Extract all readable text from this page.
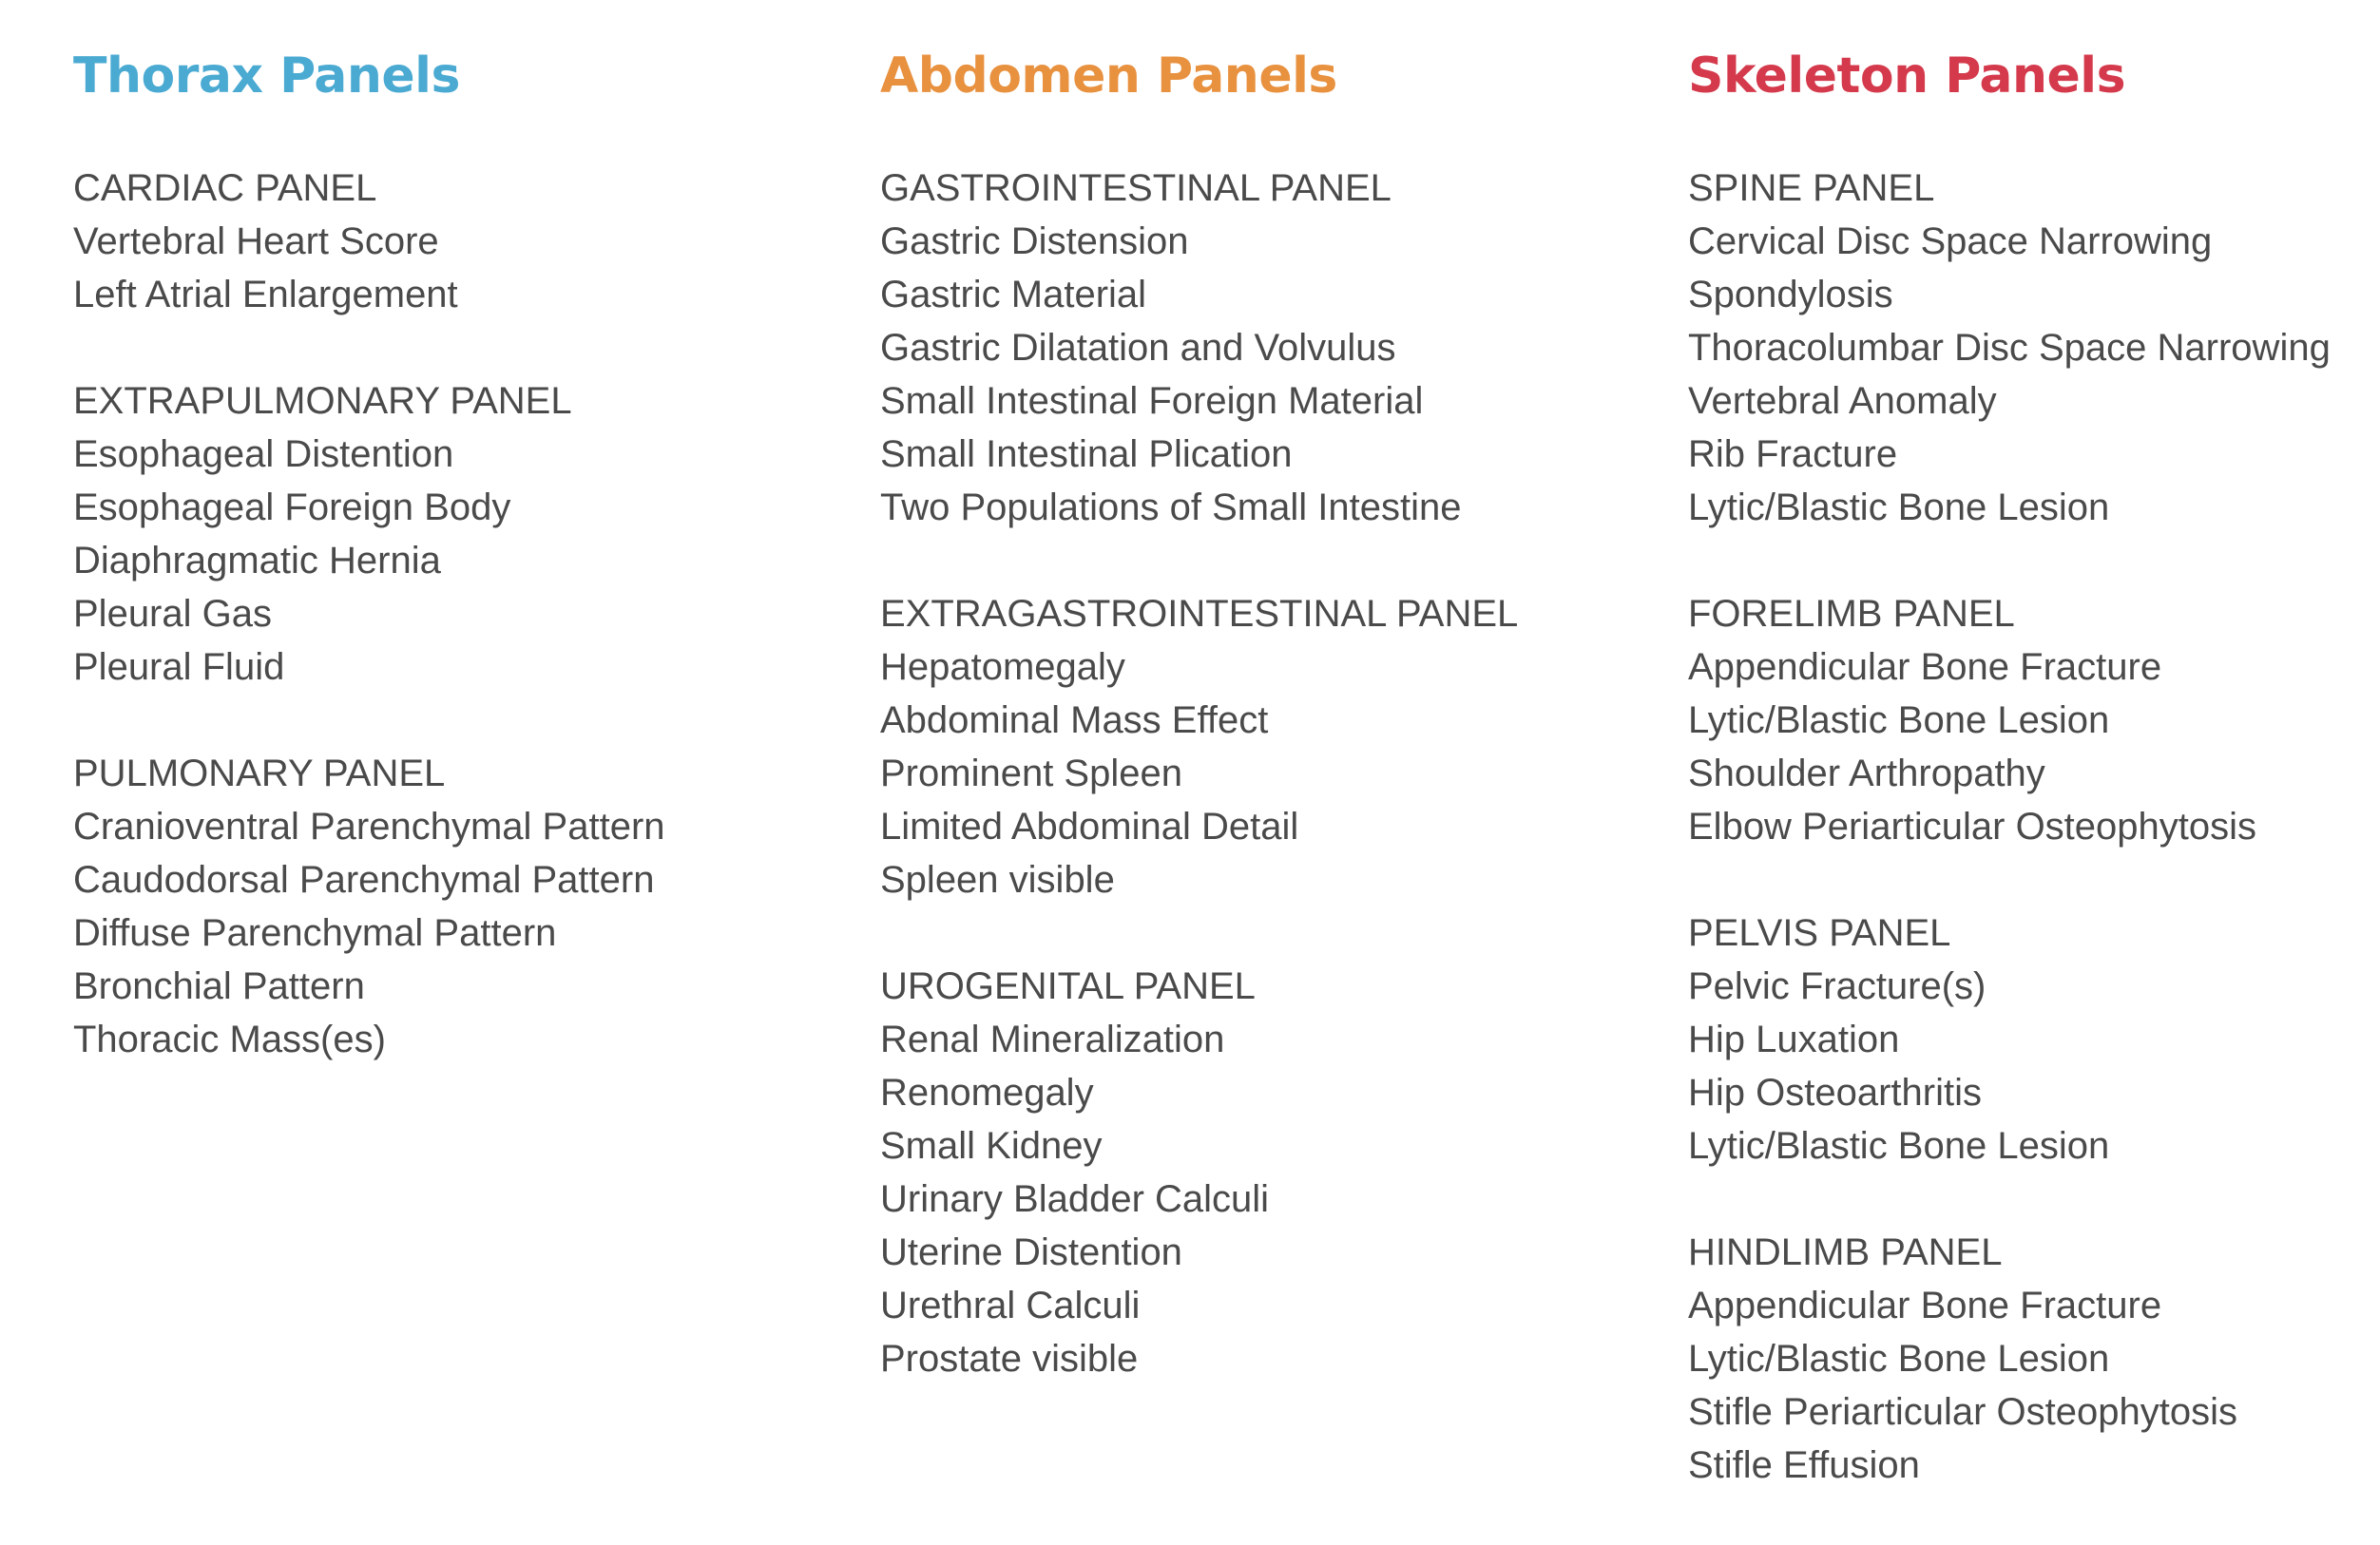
Thorax Panels
CARDIAC PANEL
Vertebral Heart Score
Left Atrial Enlargement
EXTRAPULMONARY PANEL
Esophageal Distention
Esophageal Foreign Body
Diaphragmatic Hernia
Pleural Gas
Pleural Fluid
PULMONARY PANEL
Cranioventral Parenchymal Pattern
Caudodorsal Parenchymal Pattern
Diffuse Parenchymal Pattern
Bronchial Pattern
Thoracic Mass(es)
Abdomen Panels
GASTROINTESTINAL PANEL
Gastric Distension
Gastric Material
Gastric Dilatation and Volvulus
Small Intestinal Foreign Material
Small Intestinal Plication
Two Populations of Small Intestine
EXTRAGASTROINTESTINAL PANEL
Hepatomegaly
Abdominal Mass Effect
Prominent Spleen
Limited Abdominal Detail
Spleen visible
UROGENITAL PANEL
Renal Mineralization
Renomegaly
Small Kidney
Urinary Bladder Calculi
Uterine Distention
Urethral Calculi
Prostate visible
Skeleton Panels
SPINE PANEL
Cervical Disc Space Narrowing
Spondylosis
Thoracolumbar Disc Space Narrowing
Vertebral Anomaly
Rib Fracture
Lytic/Blastic Bone Lesion
FORELIMB PANEL
Appendicular Bone Fracture
Lytic/Blastic Bone Lesion
Shoulder Arthropathy
Elbow Periarticular Osteophytosis
PELVIS PANEL
Pelvic Fracture(s)
Hip Luxation
Hip Osteoarthritis
Lytic/Blastic Bone Lesion
HINDLIMB PANEL
Appendicular Bone Fracture
Lytic/Blastic Bone Lesion
Stifle Periarticular Osteophytosis
Stifle Effusion
